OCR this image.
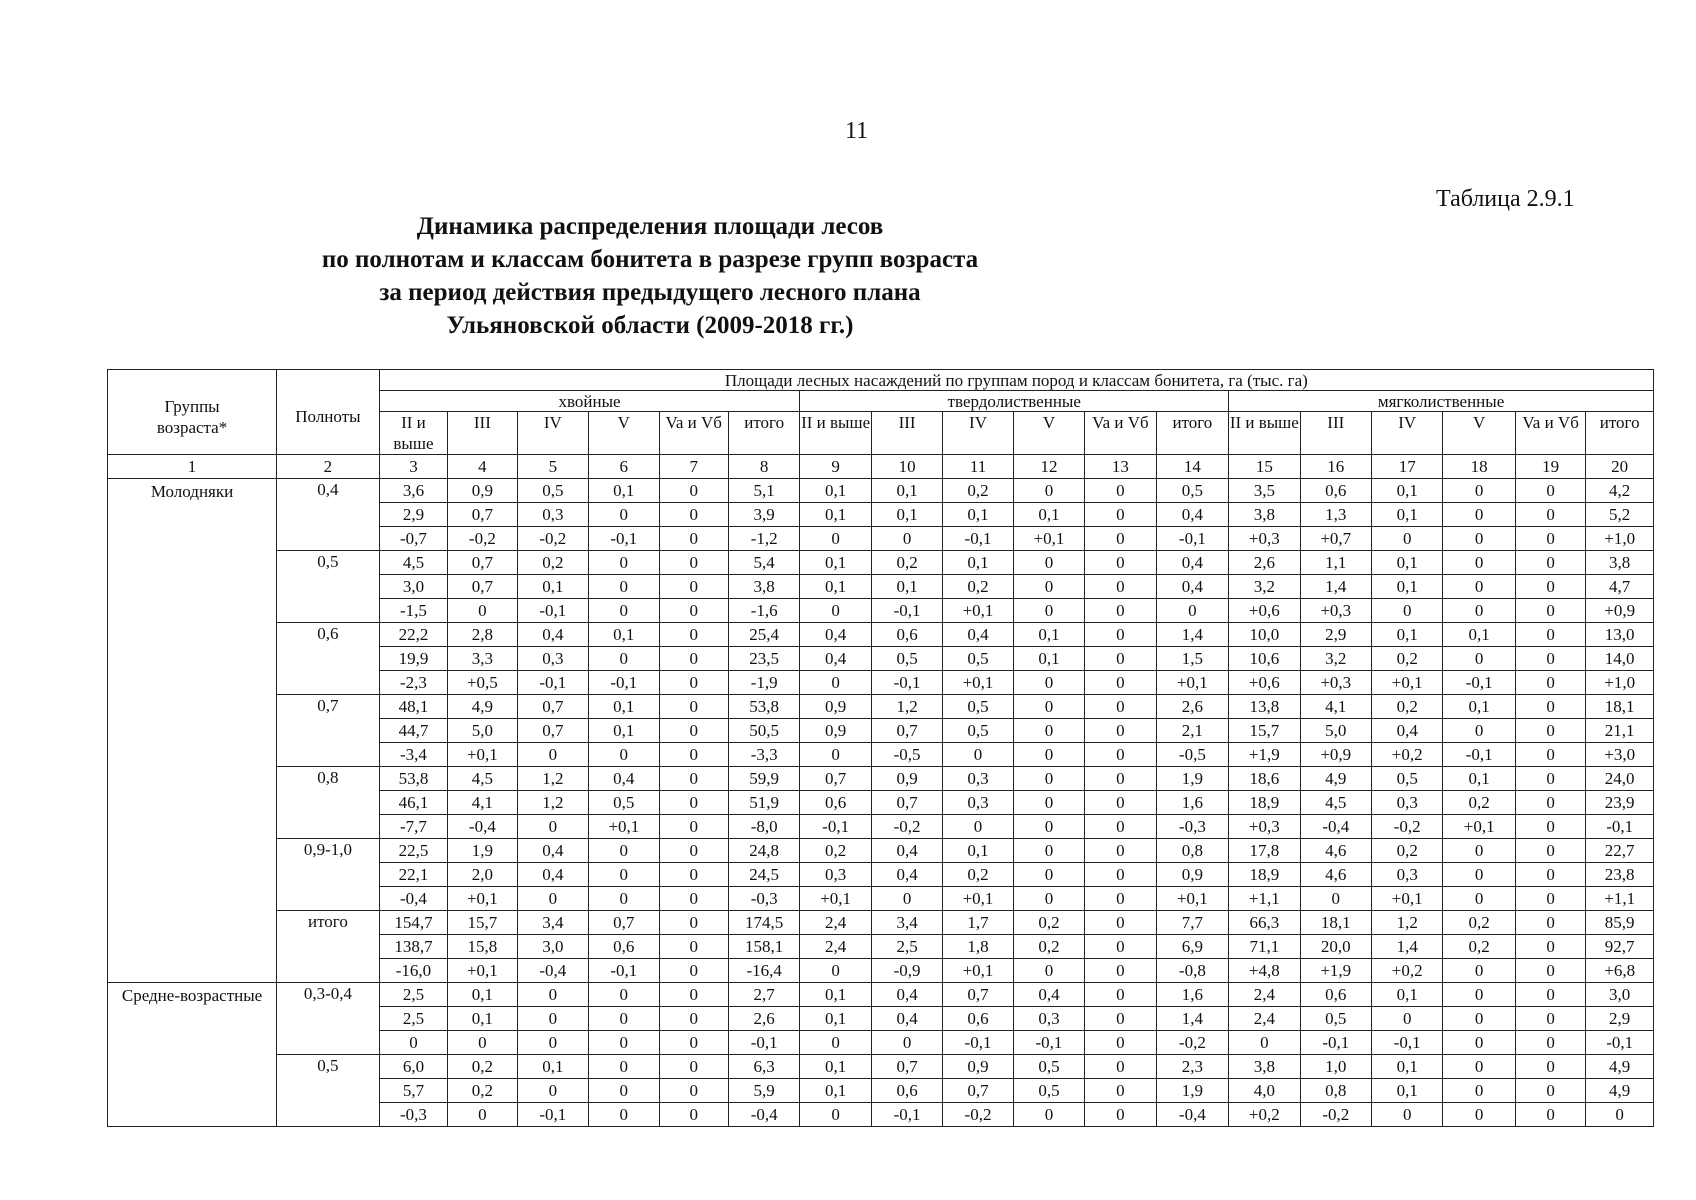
11
Таблица 2.9.1
Динамика распределения площади лесов
по полнотам и классам бонитета в разрезе групп возраста
за период действия предыдущего лесного плана
Ульяновской области (2009-2018 гг.)
Группы возраста*	Полноты	Площади лесных насаждений по группам пород и классам бонитета, га (тыс. га)																	
		хвойные						твердолиственные						мягколиственные					
		II и выше	III	IV	V	Va и Vб	итого	II и выше	III	IV	V	Va и Vб	итого	II и выше	III	IV	V	Va и Vб	итого
1	2	3	4	5	6	7	8	9	10	11	12	13	14	15	16	17	18	19	20
Молодняки	0,4	3,6	0,9	0,5	0,1	0	5,1	0,1	0,1	0,2	0	0	0,5	3,5	0,6	0,1	0	0	4,2
		2,9	0,7	0,3	0	0	3,9	0,1	0,1	0,1	0,1	0	0,4	3,8	1,3	0,1	0	0	5,2
		-0,7	-0,2	-0,2	-0,1	0	-1,2	0	0	-0,1	+0,1	0	-0,1	+0,3	+0,7	0	0	0	+1,0
	0,5	4,5	0,7	0,2	0	0	5,4	0,1	0,2	0,1	0	0	0,4	2,6	1,1	0,1	0	0	3,8
		3,0	0,7	0,1	0	0	3,8	0,1	0,1	0,2	0	0	0,4	3,2	1,4	0,1	0	0	4,7
		-1,5	0	-0,1	0	0	-1,6	0	-0,1	+0,1	0	0	0	+0,6	+0,3	0	0	0	+0,9
	0,6	22,2	2,8	0,4	0,1	0	25,4	0,4	0,6	0,4	0,1	0	1,4	10,0	2,9	0,1	0,1	0	13,0
		19,9	3,3	0,3	0	0	23,5	0,4	0,5	0,5	0,1	0	1,5	10,6	3,2	0,2	0	0	14,0
		-2,3	+0,5	-0,1	-0,1	0	-1,9	0	-0,1	+0,1	0	0	+0,1	+0,6	+0,3	+0,1	-0,1	0	+1,0
	0,7	48,1	4,9	0,7	0,1	0	53,8	0,9	1,2	0,5	0	0	2,6	13,8	4,1	0,2	0,1	0	18,1
		44,7	5,0	0,7	0,1	0	50,5	0,9	0,7	0,5	0	0	2,1	15,7	5,0	0,4	0	0	21,1
		-3,4	+0,1	0	0	0	-3,3	0	-0,5	0	0	0	-0,5	+1,9	+0,9	+0,2	-0,1	0	+3,0
	0,8	53,8	4,5	1,2	0,4	0	59,9	0,7	0,9	0,3	0	0	1,9	18,6	4,9	0,5	0,1	0	24,0
		46,1	4,1	1,2	0,5	0	51,9	0,6	0,7	0,3	0	0	1,6	18,9	4,5	0,3	0,2	0	23,9
		-7,7	-0,4	0	+0,1	0	-8,0	-0,1	-0,2	0	0	0	-0,3	+0,3	-0,4	-0,2	+0,1	0	-0,1
	0,9-1,0	22,5	1,9	0,4	0	0	24,8	0,2	0,4	0,1	0	0	0,8	17,8	4,6	0,2	0	0	22,7
		22,1	2,0	0,4	0	0	24,5	0,3	0,4	0,2	0	0	0,9	18,9	4,6	0,3	0	0	23,8
		-0,4	+0,1	0	0	0	-0,3	+0,1	0	+0,1	0	0	+0,1	+1,1	0	+0,1	0	0	+1,1
	итого	154,7	15,7	3,4	0,7	0	174,5	2,4	3,4	1,7	0,2	0	7,7	66,3	18,1	1,2	0,2	0	85,9
		138,7	15,8	3,0	0,6	0	158,1	2,4	2,5	1,8	0,2	0	6,9	71,1	20,0	1,4	0,2	0	92,7
		-16,0	+0,1	-0,4	-0,1	0	-16,4	0	-0,9	+0,1	0	0	-0,8	+4,8	+1,9	+0,2	0	0	+6,8
Средне-возрастные	0,3-0,4	2,5	0,1	0	0	0	2,7	0,1	0,4	0,7	0,4	0	1,6	2,4	0,6	0,1	0	0	3,0
		2,5	0,1	0	0	0	2,6	0,1	0,4	0,6	0,3	0	1,4	2,4	0,5	0	0	0	2,9
		0	0	0	0	0	-0,1	0	0	-0,1	-0,1	0	-0,2	0	-0,1	-0,1	0	0	-0,1
	0,5	6,0	0,2	0,1	0	0	6,3	0,1	0,7	0,9	0,5	0	2,3	3,8	1,0	0,1	0	0	4,9
		5,7	0,2	0	0	0	5,9	0,1	0,6	0,7	0,5	0	1,9	4,0	0,8	0,1	0	0	4,9
		-0,3	0	-0,1	0	0	-0,4	0	-0,1	-0,2	0	0	-0,4	+0,2	-0,2	0	0	0	0
